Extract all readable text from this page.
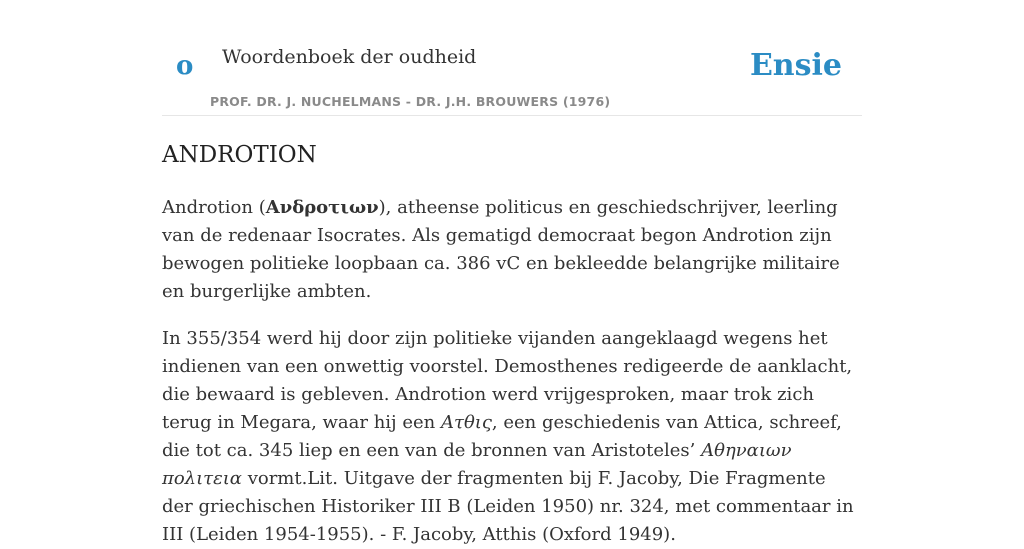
o Woordenboek der oudheid
PROF. DR. J. NUCHELMANS - DR. J.H. BROUWERS (1976)
Ensie
ANDROTION

Androtion (Ανδροτιων), atheense politicus en geschiedschrijver, leerling van de redenaar Isocrates. Als gematigd democraat begon Androtion zijn bewogen politieke loopbaan ca. 386 vC en bekleedde belangrijke militaire en burgerlijke ambten.

In 355/354 werd hij door zijn politieke vijanden aangeklaagd wegens het indienen van een onwettig voorstel. Demosthenes redigeerde de aanklacht, die bewaard is gebleven. Androtion werd vrijgesproken, maar trok zich terug in Megara, waar hij een Ατθις, een geschiedenis van Attica, schreef, die tot ca. 345 liep en een van de bronnen van Aristoteles’ Αθηναιων πολιτεια vormt.Lit. Uitgave der fragmenten bij F. Jacoby, Die Fragmente der griechischen Historiker III B (Leiden 1950) nr. 324, met commentaar in III (Leiden 1954-1955). - F. Jacoby, Atthis (Oxford 1949).
